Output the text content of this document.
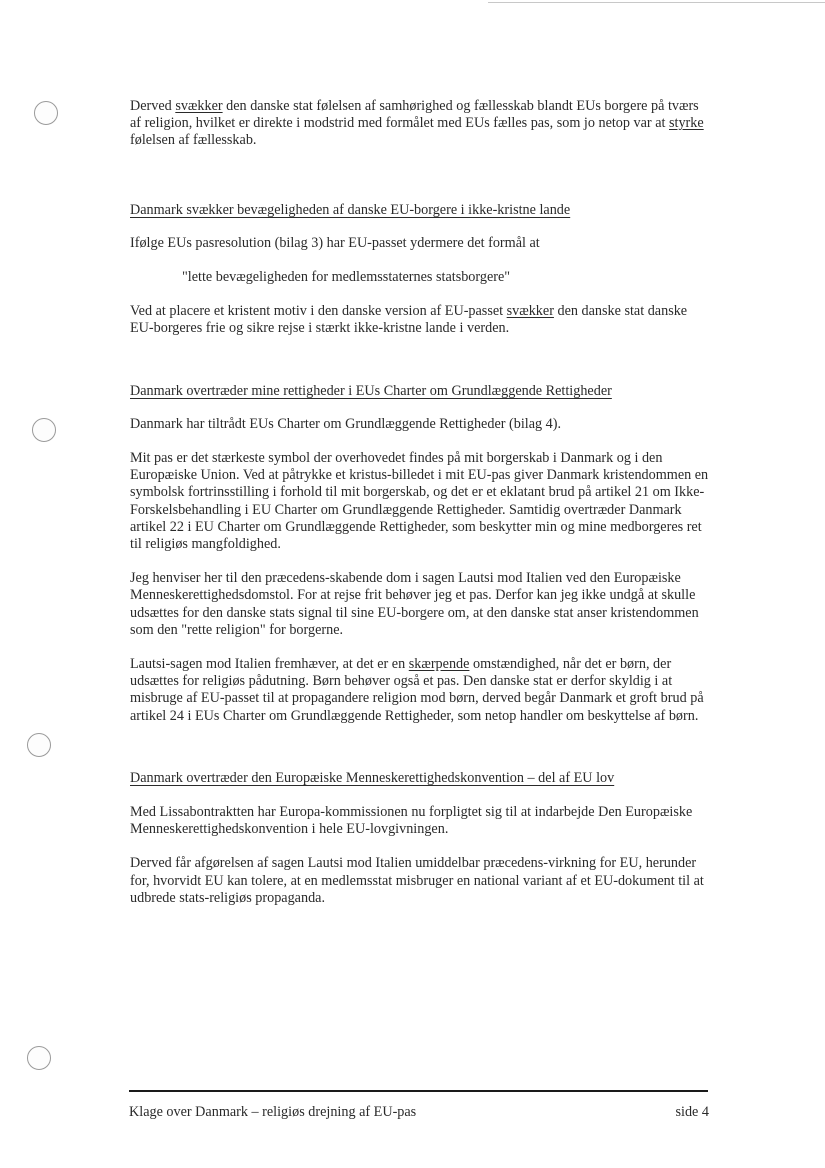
Derved svækker den danske stat følelsen af samhørighed og fællesskab blandt EUs borgere på tværs af religion, hvilket er direkte i modstrid med formålet med EUs fælles pas, som jo netop var at styrke følelsen af fællesskab.

Danmark svækker bevægeligheden af danske EU-borgere i ikke-kristne lande

Ifølge EUs pasresolution (bilag 3) har EU-passet ydermere det formål at

"lette bevægeligheden for medlemsstaternes statsborgere"

Ved at placere et kristent motiv i den danske version af EU-passet svækker den danske stat danske EU-borgeres frie og sikre rejse i stærkt ikke-kristne lande i verden.

Danmark overtræder mine rettigheder i EUs Charter om Grundlæggende Rettigheder

Danmark har tiltrådt EUs Charter om Grundlæggende Rettigheder (bilag 4).

Mit pas er det stærkeste symbol der overhovedet findes på mit borgerskab i Danmark og i den Europæiske Union. Ved at påtrykke et kristus-billedet i mit EU-pas giver Danmark kristendommen en symbolsk fortrinsstilling i forhold til mit borgerskab, og det er et eklatant brud på artikel 21 om Ikke-Forskelsbehandling i EU Charter om Grundlæggende Rettigheder. Samtidig overtræder Danmark artikel 22 i EU Charter om Grundlæggende Rettigheder, som beskytter min og mine medborgeres ret til religiøs mangfoldighed.

Jeg henviser her til den præcedens-skabende dom i sagen Lautsi mod Italien ved den Europæiske Menneskerettighedsdomstol. For at rejse frit behøver jeg et pas. Derfor kan jeg ikke undgå at skulle udsættes for den danske stats signal til sine EU-borgere om, at den danske stat anser kristendommen som den "rette religion" for borgerne.

Lautsi-sagen mod Italien fremhæver, at det er en skærpende omstændighed, når det er børn, der udsættes for religiøs pådutning. Børn behøver også et pas. Den danske stat er derfor skyldig i at misbruge af EU-passet til at propagandere religion mod børn, derved begår Danmark et groft brud på artikel 24 i EUs Charter om Grundlæggende Rettigheder, som netop handler om beskyttelse af børn.

Danmark overtræder den Europæiske Menneskerettighedskonvention – del af EU lov

Med Lissabontraktten har Europa-kommissionen nu forpligtet sig til at indarbejde Den Europæiske Menneskerettighedskonvention i hele EU-lovgivningen.

Derved får afgørelsen af sagen Lautsi mod Italien umiddelbar præcedens-virkning for EU, herunder for, hvorvidt EU kan tolere, at en medlemsstat misbruger en national variant af et EU-dokument til at udbrede stats-religiøs propaganda.

Klage over Danmark – religiøs drejning af EU-pas	side 4
